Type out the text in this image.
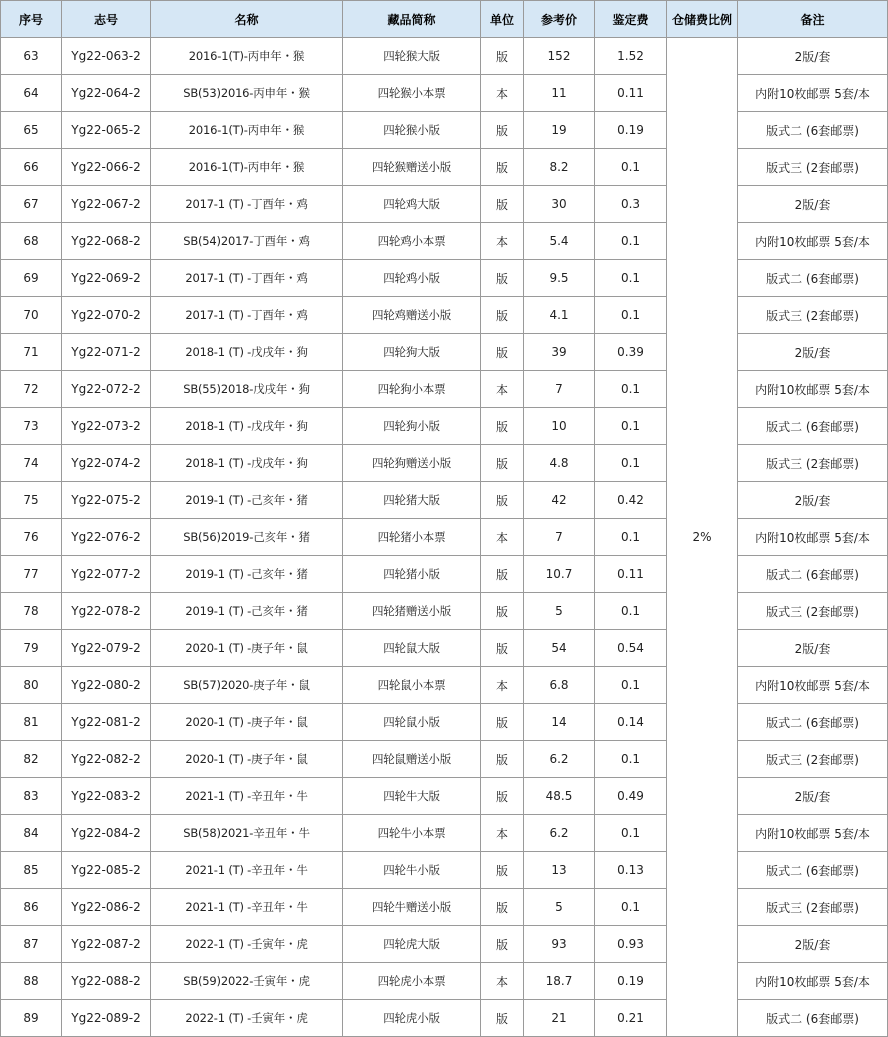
序号	志号	名称	藏品简称	单位	参考价	鉴定费	仓储费比例	备注
63	Yg22-063-2	2016-1(T)-丙申年・猴	四轮猴大版	版	152	1.52	2%	2版/套
64	Yg22-064-2	SB(53)2016-丙申年・猴	四轮猴小本票	本	11	0.11		内附10枚邮票 5套/本
65	Yg22-065-2	2016-1(T)-丙申年・猴	四轮猴小版	版	19	0.19		版式二 (6套邮票)
66	Yg22-066-2	2016-1(T)-丙申年・猴	四轮猴赠送小版	版	8.2	0.1		版式三 (2套邮票)
67	Yg22-067-2	2017-1 (T) -丁酉年・鸡	四轮鸡大版	版	30	0.3		2版/套
68	Yg22-068-2	SB(54)2017-丁酉年・鸡	四轮鸡小本票	本	5.4	0.1		内附10枚邮票 5套/本
69	Yg22-069-2	2017-1 (T) -丁酉年・鸡	四轮鸡小版	版	9.5	0.1		版式二 (6套邮票)
70	Yg22-070-2	2017-1 (T) -丁酉年・鸡	四轮鸡赠送小版	版	4.1	0.1		版式三 (2套邮票)
71	Yg22-071-2	2018-1 (T) -戊戌年・狗	四轮狗大版	版	39	0.39		2版/套
72	Yg22-072-2	SB(55)2018-戊戌年・狗	四轮狗小本票	本	7	0.1		内附10枚邮票 5套/本
73	Yg22-073-2	2018-1 (T) -戊戌年・狗	四轮狗小版	版	10	0.1		版式二 (6套邮票)
74	Yg22-074-2	2018-1 (T) -戊戌年・狗	四轮狗赠送小版	版	4.8	0.1		版式三 (2套邮票)
75	Yg22-075-2	2019-1 (T) -己亥年・猪	四轮猪大版	版	42	0.42		2版/套
76	Yg22-076-2	SB(56)2019-己亥年・猪	四轮猪小本票	本	7	0.1		内附10枚邮票 5套/本
77	Yg22-077-2	2019-1 (T) -己亥年・猪	四轮猪小版	版	10.7	0.11		版式二 (6套邮票)
78	Yg22-078-2	2019-1 (T) -己亥年・猪	四轮猪赠送小版	版	5	0.1		版式三 (2套邮票)
79	Yg22-079-2	2020-1 (T) -庚子年・鼠	四轮鼠大版	版	54	0.54		2版/套
80	Yg22-080-2	SB(57)2020-庚子年・鼠	四轮鼠小本票	本	6.8	0.1		内附10枚邮票 5套/本
81	Yg22-081-2	2020-1 (T) -庚子年・鼠	四轮鼠小版	版	14	0.14		版式二 (6套邮票)
82	Yg22-082-2	2020-1 (T) -庚子年・鼠	四轮鼠赠送小版	版	6.2	0.1		版式三 (2套邮票)
83	Yg22-083-2	2021-1 (T) -辛丑年・牛	四轮牛大版	版	48.5	0.49		2版/套
84	Yg22-084-2	SB(58)2021-辛丑年・牛	四轮牛小本票	本	6.2	0.1		内附10枚邮票 5套/本
85	Yg22-085-2	2021-1 (T) -辛丑年・牛	四轮牛小版	版	13	0.13		版式二 (6套邮票)
86	Yg22-086-2	2021-1 (T) -辛丑年・牛	四轮牛赠送小版	版	5	0.1		版式三 (2套邮票)
87	Yg22-087-2	2022-1 (T) -壬寅年・虎	四轮虎大版	版	93	0.93		2版/套
88	Yg22-088-2	SB(59)2022-壬寅年・虎	四轮虎小本票	本	18.7	0.19		内附10枚邮票 5套/本
89	Yg22-089-2	2022-1 (T) -壬寅年・虎	四轮虎小版	版	21	0.21		版式二 (6套邮票)
